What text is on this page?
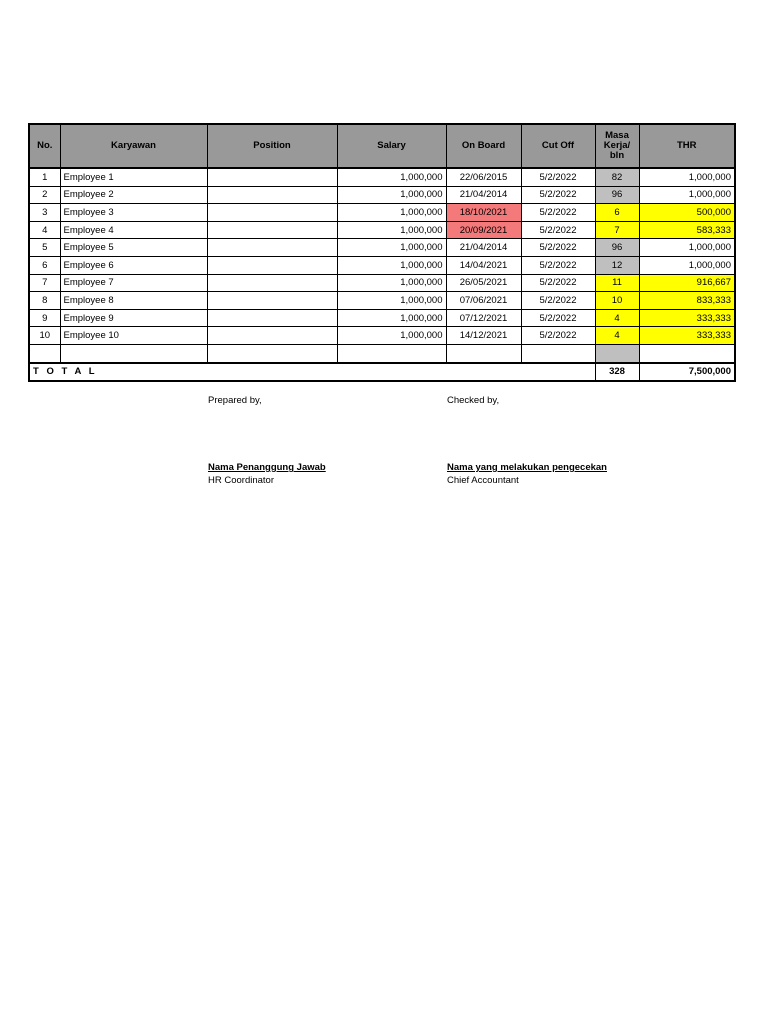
No.	Karyawan	Position	Salary	On Board	Cut Off	Masa Kerja/ bln	THR
1	Employee 1		1,000,000	22/06/2015	5/2/2022	82	1,000,000
2	Employee 2		1,000,000	21/04/2014	5/2/2022	96	1,000,000
3	Employee 3		1,000,000	18/10/2021	5/2/2022	6	500,000
4	Employee 4		1,000,000	20/09/2021	5/2/2022	7	583,333
5	Employee 5		1,000,000	21/04/2014	5/2/2022	96	1,000,000
6	Employee 6		1,000,000	14/04/2021	5/2/2022	12	1,000,000
7	Employee 7		1,000,000	26/05/2021	5/2/2022	11	916,667
8	Employee 8		1,000,000	07/06/2021	5/2/2022	10	833,333
9	Employee 9		1,000,000	07/12/2021	5/2/2022	4	333,333
10	Employee 10		1,000,000	14/12/2021	5/2/2022	4	333,333

T O T A L						328	7,500,000
Prepared by,	Checked by,
Nama Penanggung Jawab
HR Coordinator
Nama yang melakukan pengecekan
Chief Accountant
